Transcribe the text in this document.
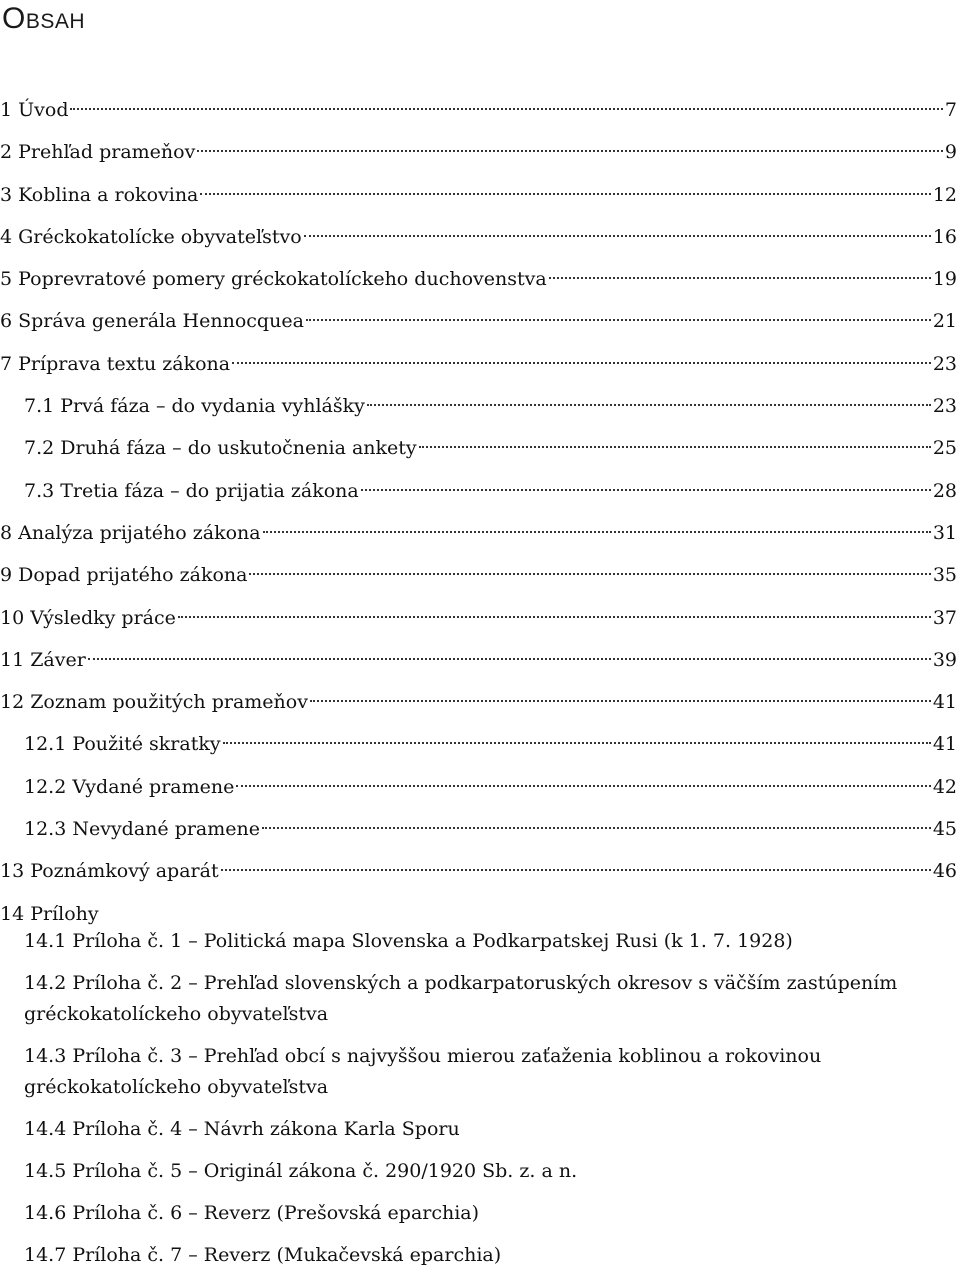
Obsah
1 Úvod	7
2 Prehľad prameňov	9
3 Koblina a rokovina	12
4 Gréckokatolícke obyvateľstvo	16
5 Poprevratové pomery gréckokatolíckeho duchovenstva	19
6 Správa generála Hennocquea	21
7 Príprava textu zákona	23
7.1 Prvá fáza – do vydania vyhlášky	23
7.2 Druhá fáza – do uskutočnenia ankety	25
7.3 Tretia fáza – do prijatia zákona	28
8 Analýza prijatého zákona	31
9 Dopad prijatého zákona	35
10 Výsledky práce	37
11 Záver	39
12 Zoznam použitých prameňov	41
12.1 Použité skratky	41
12.2 Vydané pramene	42
12.3 Nevydané pramene	45
13 Poznámkový aparát	46
14 Prílohy
14.1 Príloha č. 1 – Politická mapa Slovenska a Podkarpatskej Rusi (k 1. 7. 1928)
14.2 Príloha č. 2 – Prehľad slovenských a podkarpatoruských okresov s väčším zastúpením gréckokatolíckeho obyvateľstva
14.3 Príloha č. 3 – Prehľad obcí s najvyššou mierou zaťaženia koblinou a rokovinou gréckokatolíckeho obyvateľstva
14.4 Príloha č. 4 – Návrh zákona Karla Sporu
14.5 Príloha č. 5 – Originál zákona č. 290/1920 Sb. z. a n.
14.6 Príloha č. 6 – Reverz (Prešovská eparchia)
14.7 Príloha č. 7 – Reverz (Mukačevská eparchia)
